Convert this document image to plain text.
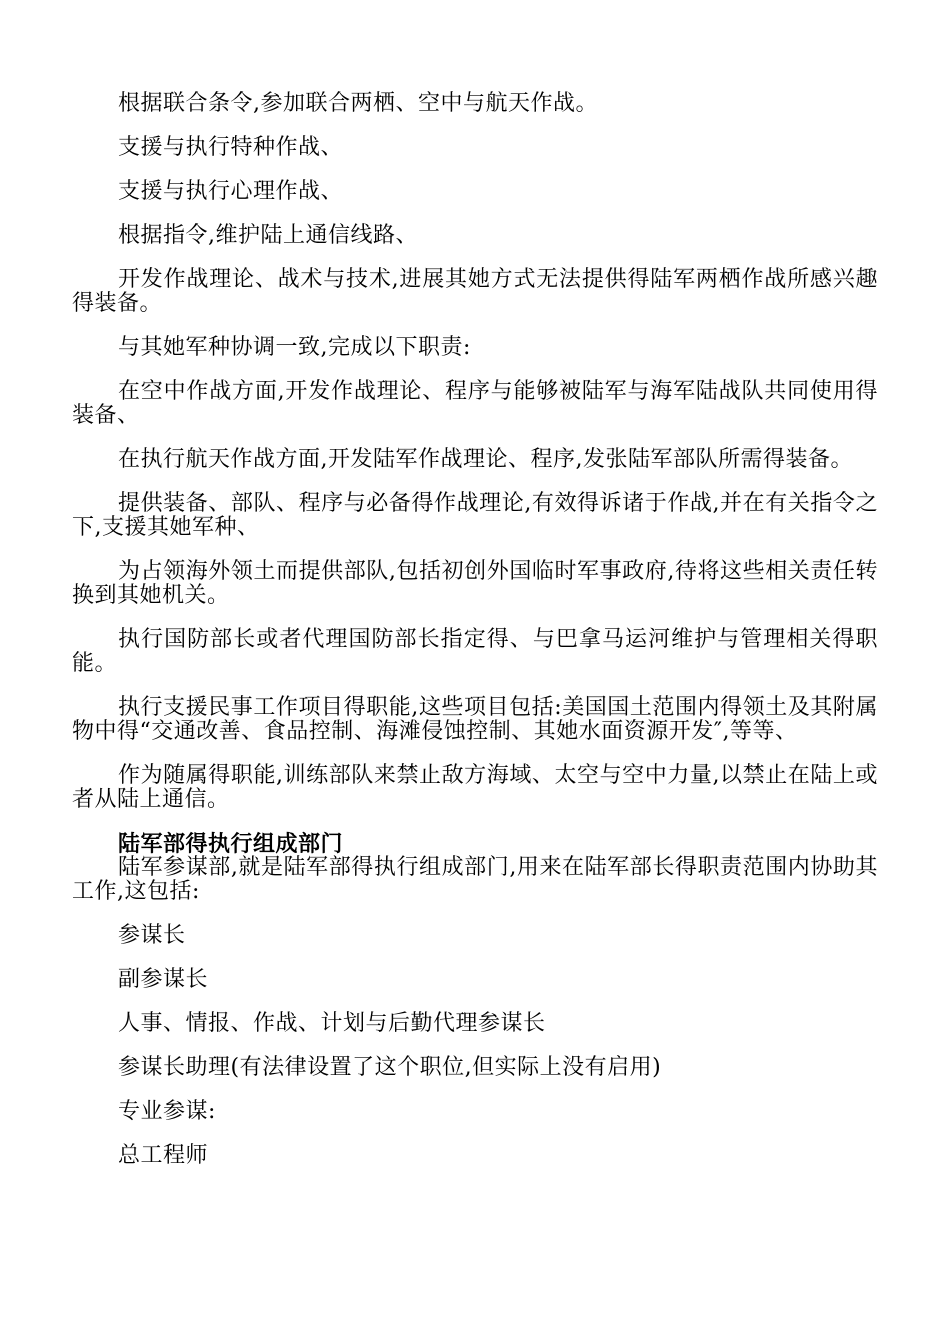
根据联合条令,参加联合两栖、空中与航天作战。

支援与执行特种作战、

支援与执行心理作战、

根据指令,维护陆上通信线路、

开发作战理论、战术与技术,进展其她方式无法提供得陆军两栖作战所感兴趣得装备。

与其她军种协调一致,完成以下职责:

在空中作战方面,开发作战理论、程序与能够被陆军与海军陆战队共同使用得装备、

在执行航天作战方面,开发陆军作战理论、程序,发张陆军部队所需得装备。

提供装备、部队、程序与必备得作战理论,有效得诉诸于作战,并在有关指令之下,支援其她军种、

为占领海外领土而提供部队,包括初创外国临时军事政府,待将这些相关责任转换到其她机关。

执行国防部长或者代理国防部长指定得、与巴拿马运河维护与管理相关得职能。

执行支援民事工作项目得职能,这些项目包括:美国国土范围内得领土及其附属物中得“交通改善、食品控制、海滩侵蚀控制、其她水面资源开发″,等等、

作为随属得职能,训练部队来禁止敌方海域、太空与空中力量,以禁止在陆上或者从陆上通信。

陆军部得执行组成部门

陆军参谋部,就是陆军部得执行组成部门,用来在陆军部长得职责范围内协助其工作,这包括:

参谋长

副参谋长

人事、情报、作战、计划与后勤代理参谋长

参谋长助理(有法律设置了这个职位,但实际上没有启用)

专业参谋:

总工程师
